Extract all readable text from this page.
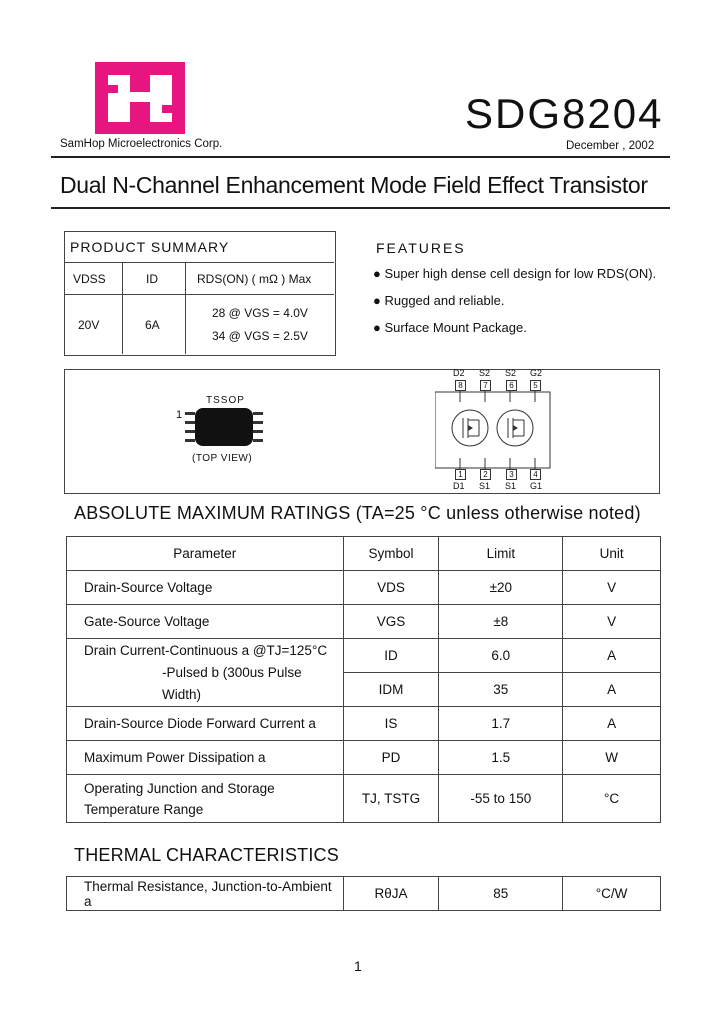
SamHop Microelectronics Corp.
SDG8204
December , 2002
Dual N-Channel Enhancement Mode Field Effect Transistor
PRODUCT SUMMARY
VDSS	ID	RDS(ON) ( mΩ ) Max
20V	6A
28 @ VGS = 4.0V
34 @ VGS = 2.5V
FEATURES
● Super high dense cell design for low RDS(ON).
● Rugged and reliable.
● Surface Mount Package.
TSSOP
1
(TOP VIEW)
D2 S2 S2 G2
8	7	6	5
1	2	3	4
D1 S1 S1 G1
ABSOLUTE MAXIMUM RATINGS (TA=25 °C unless otherwise noted)
Parameter	Symbol	Limit	Unit
Drain-Source Voltage	VDS	±20	V
Gate-Source Voltage	VGS	±8	V

Drain Current-Continuous a @TJ=125°C
-Pulsed b (300us Pulse Width)	ID	6.0	A
	IDM	35	A
Drain-Source Diode Forward Current a	IS	1.7	A
Maximum Power Dissipation a	PD	1.5	W

Operating Junction and Storage
Temperature Range	TJ, TSTG	-55 to 150	°C
THERMAL CHARACTERISTICS
Thermal Resistance, Junction-to-Ambient a	RθJA	85	°C/W
1
